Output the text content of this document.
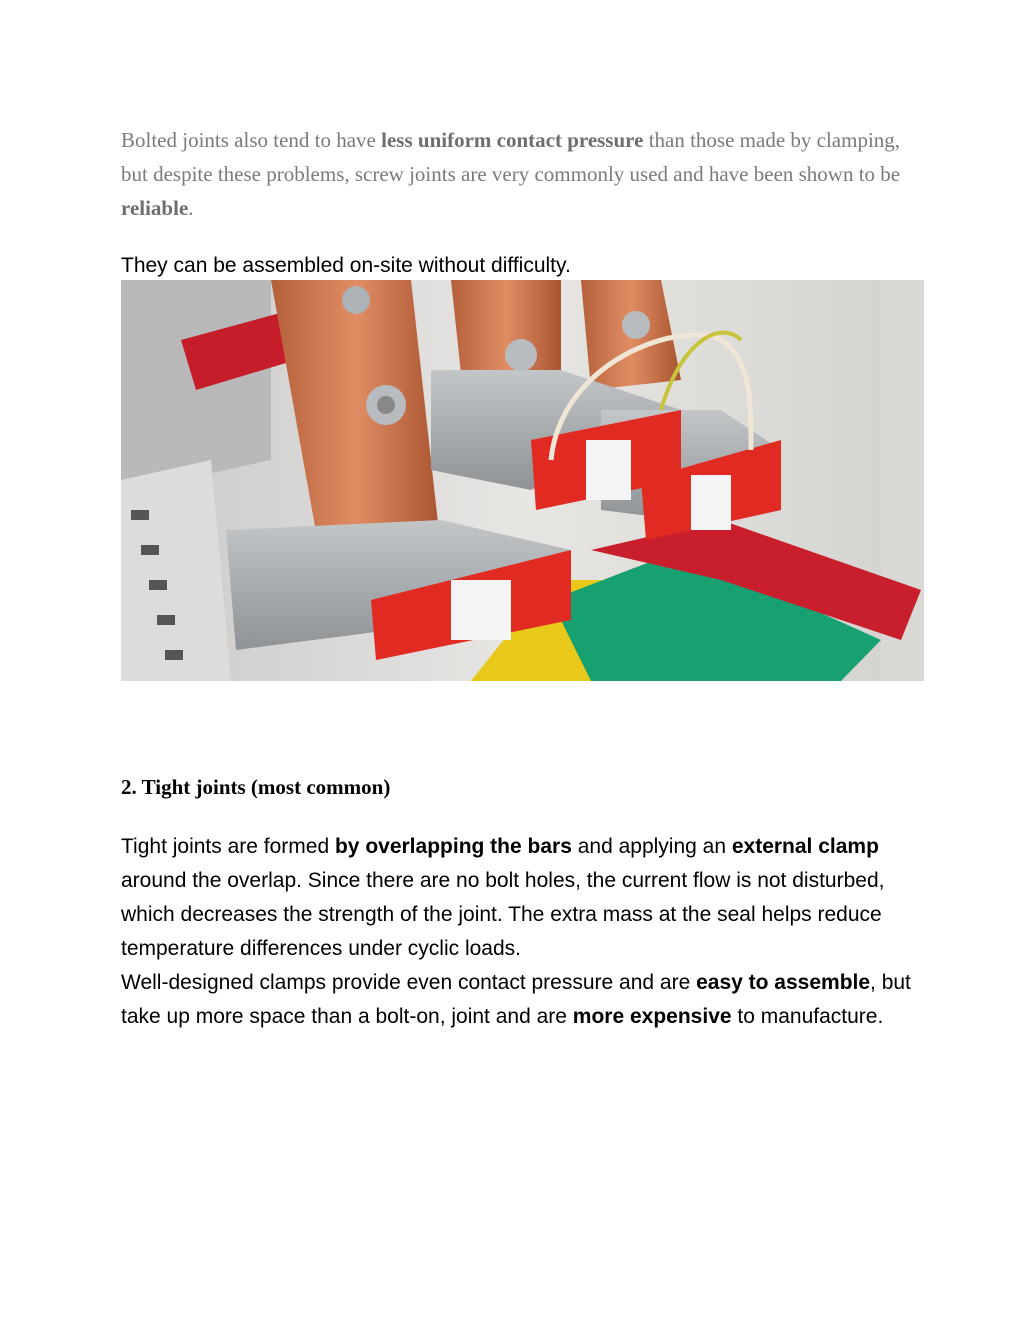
Bolted joints also tend to have less uniform contact pressure than those made by clamping, but despite these problems, screw joints are very commonly used and have been shown to be reliable.

They can be assembled on-site without difficulty.

2. Tight joints (most common)

Tight joints are formed by overlapping the bars and applying an external clamp around the overlap. Since there are no bolt holes, the current flow is not disturbed, which decreases the strength of the joint. The extra mass at the seal helps reduce temperature differences under cyclic loads.
Well-designed clamps provide even contact pressure and are easy to assemble, but take up more space than a bolt-on, joint and are more expensive to manufacture.
